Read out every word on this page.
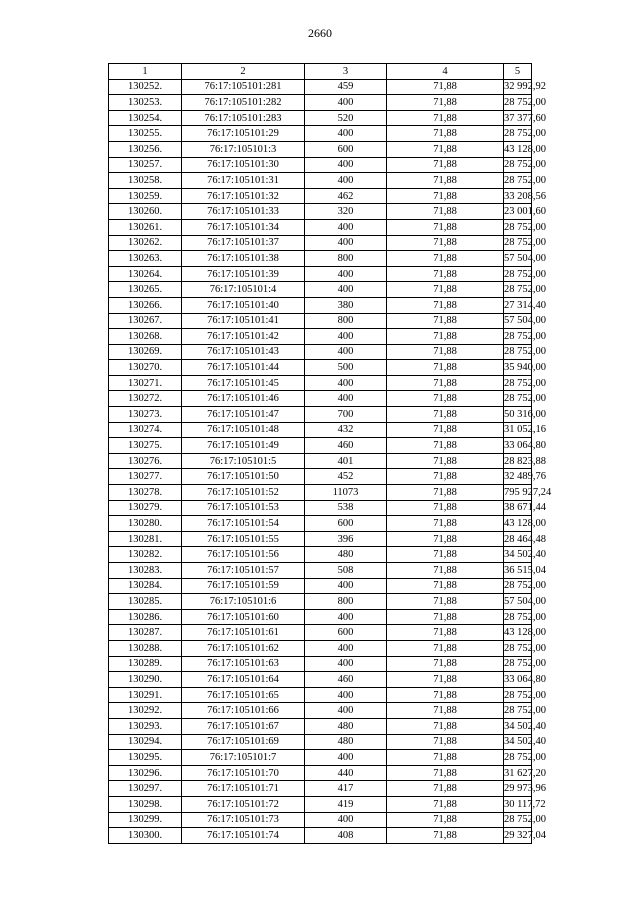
2660
1	2	3	4	5
130252.	76:17:105101:281	459	71,88	32 992,92
130253.	76:17:105101:282	400	71,88	28 752,00
130254.	76:17:105101:283	520	71,88	37 377,60
130255.	76:17:105101:29	400	71,88	28 752,00
130256.	76:17:105101:3	600	71,88	43 128,00
130257.	76:17:105101:30	400	71,88	28 752,00
130258.	76:17:105101:31	400	71,88	28 752,00
130259.	76:17:105101:32	462	71,88	33 208,56
130260.	76:17:105101:33	320	71,88	23 001,60
130261.	76:17:105101:34	400	71,88	28 752,00
130262.	76:17:105101:37	400	71,88	28 752,00
130263.	76:17:105101:38	800	71,88	57 504,00
130264.	76:17:105101:39	400	71,88	28 752,00
130265.	76:17:105101:4	400	71,88	28 752,00
130266.	76:17:105101:40	380	71,88	27 314,40
130267.	76:17:105101:41	800	71,88	57 504,00
130268.	76:17:105101:42	400	71,88	28 752,00
130269.	76:17:105101:43	400	71,88	28 752,00
130270.	76:17:105101:44	500	71,88	35 940,00
130271.	76:17:105101:45	400	71,88	28 752,00
130272.	76:17:105101:46	400	71,88	28 752,00
130273.	76:17:105101:47	700	71,88	50 316,00
130274.	76:17:105101:48	432	71,88	31 052,16
130275.	76:17:105101:49	460	71,88	33 064,80
130276.	76:17:105101:5	401	71,88	28 823,88
130277.	76:17:105101:50	452	71,88	32 489,76
130278.	76:17:105101:52	11073	71,88	795 927,24
130279.	76:17:105101:53	538	71,88	38 671,44
130280.	76:17:105101:54	600	71,88	43 128,00
130281.	76:17:105101:55	396	71,88	28 464,48
130282.	76:17:105101:56	480	71,88	34 502,40
130283.	76:17:105101:57	508	71,88	36 515,04
130284.	76:17:105101:59	400	71,88	28 752,00
130285.	76:17:105101:6	800	71,88	57 504,00
130286.	76:17:105101:60	400	71,88	28 752,00
130287.	76:17:105101:61	600	71,88	43 128,00
130288.	76:17:105101:62	400	71,88	28 752,00
130289.	76:17:105101:63	400	71,88	28 752,00
130290.	76:17:105101:64	460	71,88	33 064,80
130291.	76:17:105101:65	400	71,88	28 752,00
130292.	76:17:105101:66	400	71,88	28 752,00
130293.	76:17:105101:67	480	71,88	34 502,40
130294.	76:17:105101:69	480	71,88	34 502,40
130295.	76:17:105101:7	400	71,88	28 752,00
130296.	76:17:105101:70	440	71,88	31 627,20
130297.	76:17:105101:71	417	71,88	29 973,96
130298.	76:17:105101:72	419	71,88	30 117,72
130299.	76:17:105101:73	400	71,88	28 752,00
130300.	76:17:105101:74	408	71,88	29 327,04
